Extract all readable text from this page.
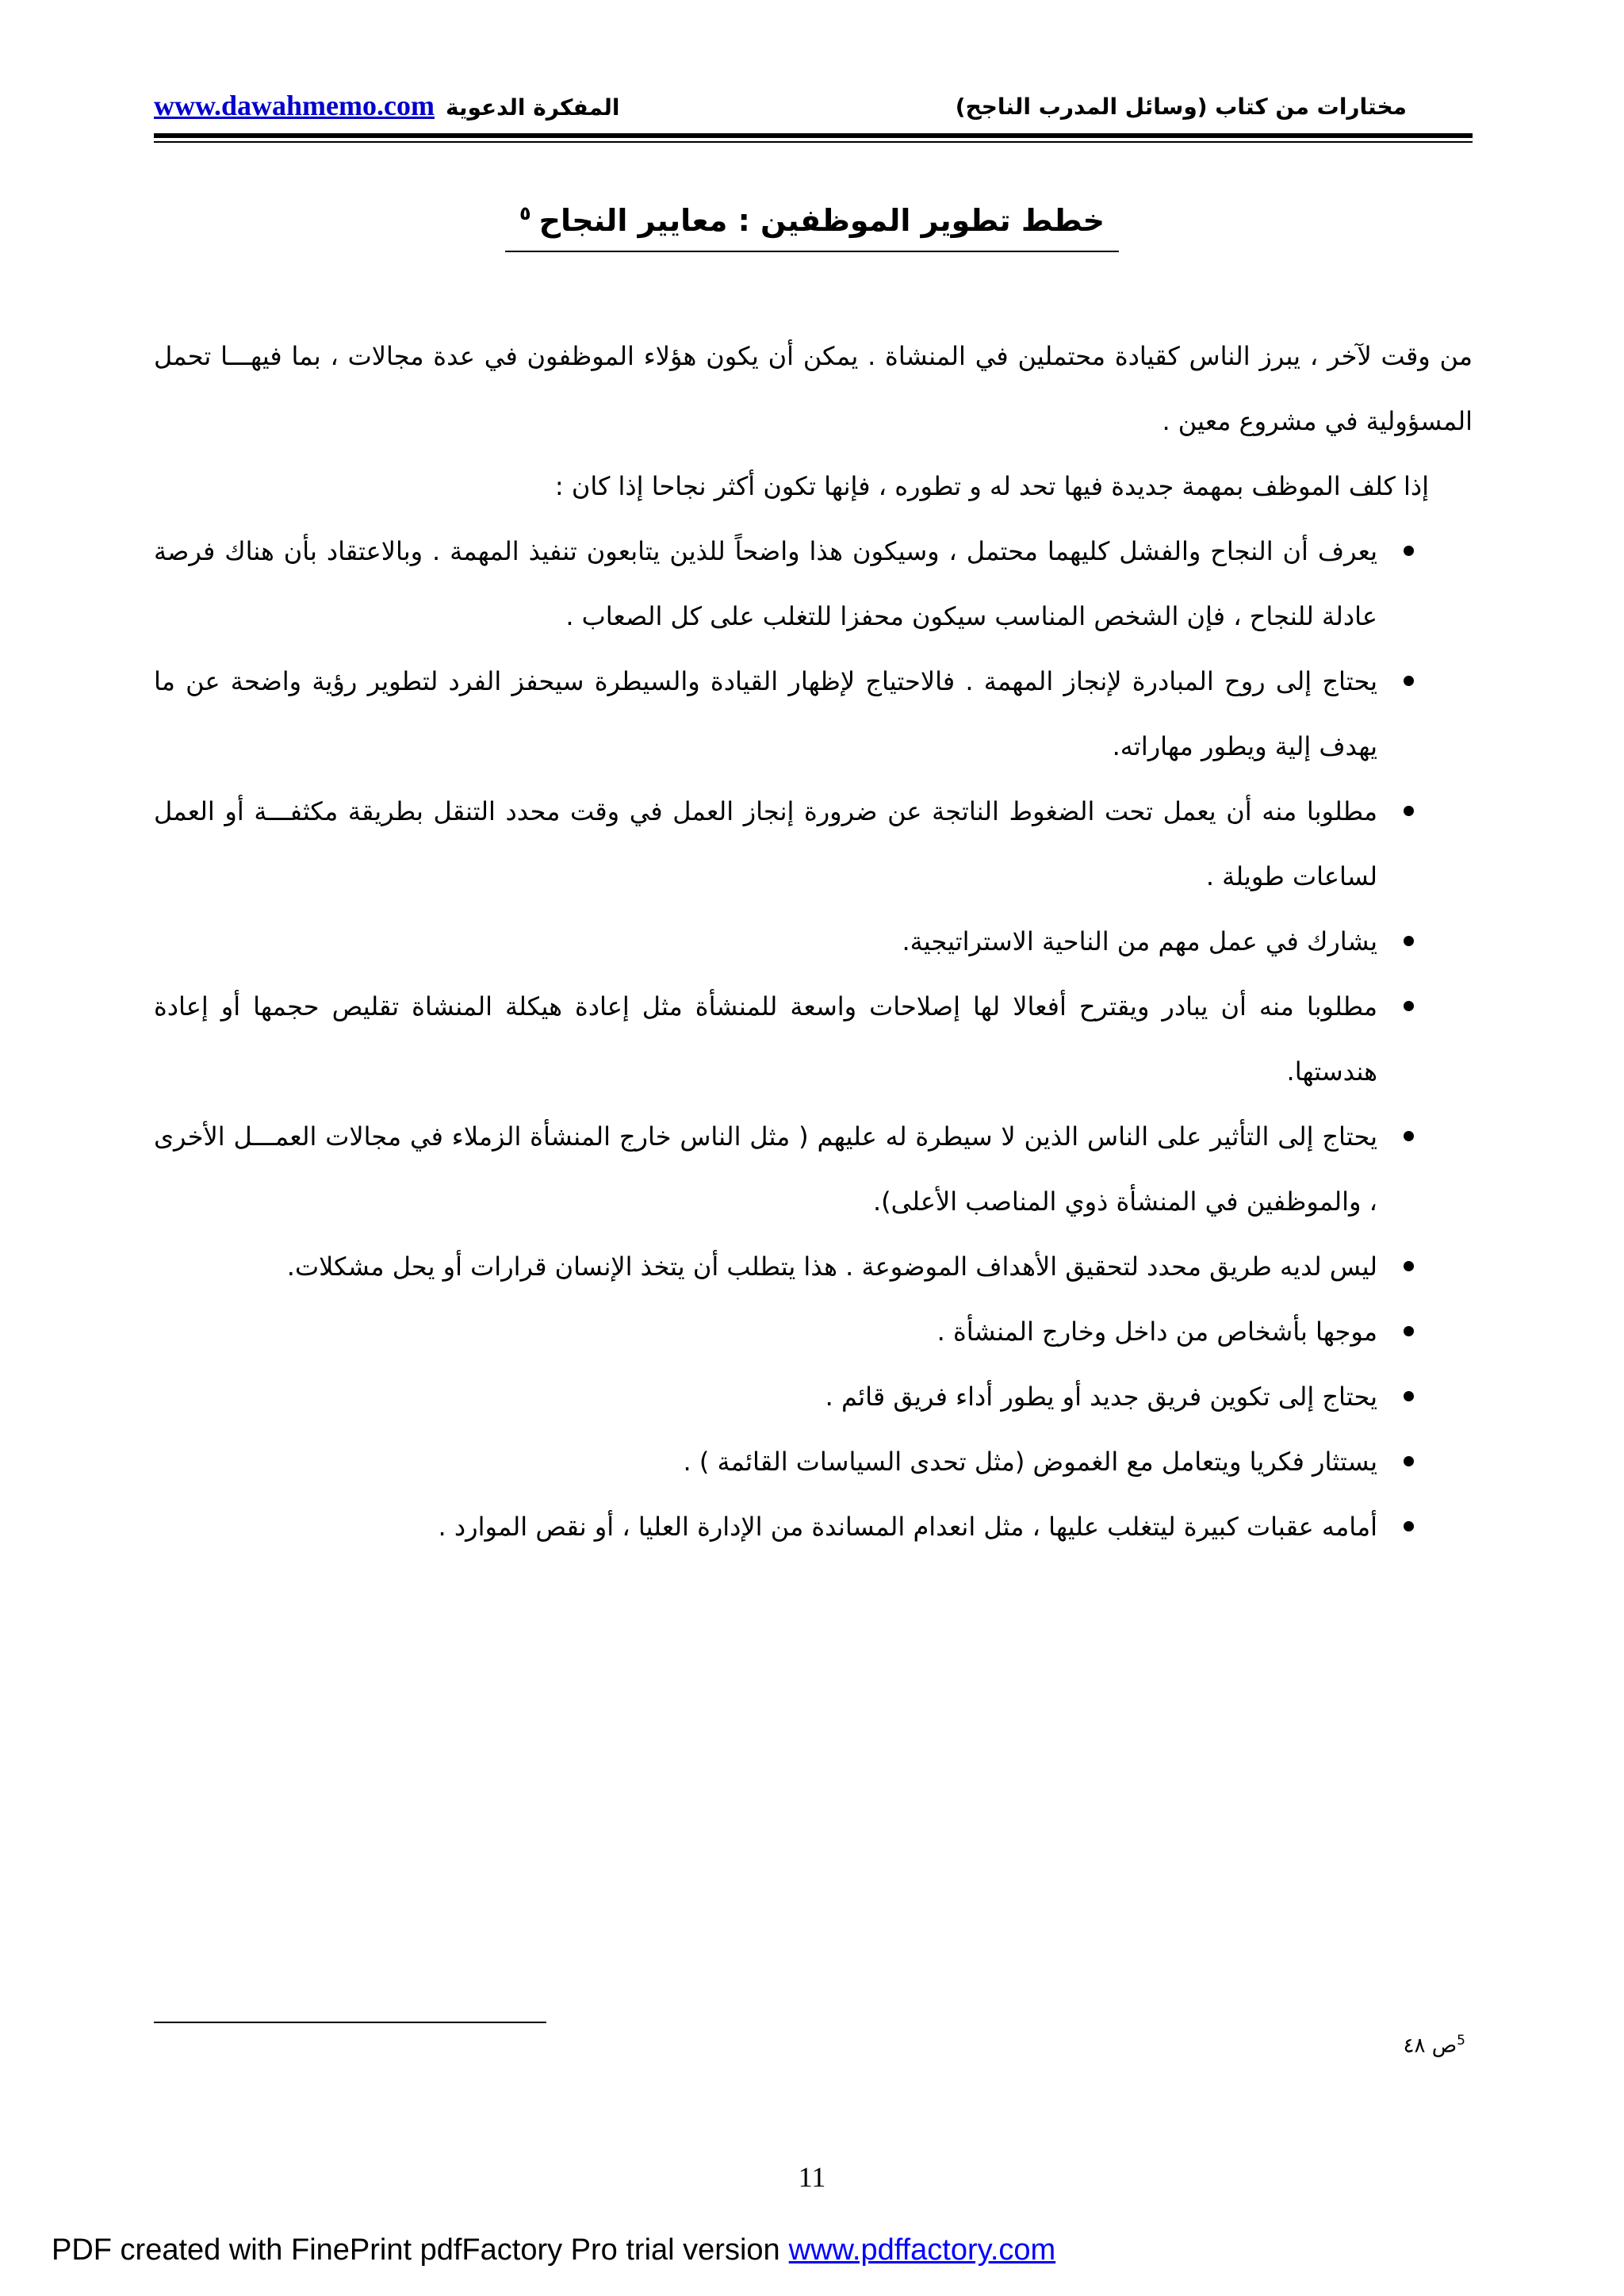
www.dawahmemo.com المفكرة الدعوية	مختارات من كتاب (وسائل المدرب الناجح)
خطط تطوير الموظفين : معايير النجاح$^٥$

من وقت لآخر ، يبرز الناس كقيادة محتملين في المنشاة . يمكن أن يكون هؤلاء الموظفون في عدة مجالات ، بما فيهـــا تحمل المسؤولية في مشروع معين .

إذا كلف الموظف بمهمة جديدة فيها تحد له و تطوره ، فإنها تكون أكثر نجاحا إذا كان :

يعرف أن النجاح والفشل كليهما محتمل ، وسيكون هذا واضحاً للذين يتابعون تنفيذ المهمة . وبالاعتقاد بأن هناك فرصة عادلة للنجاح ، فإن الشخص المناسب سيكون محفزا للتغلب على كل الصعاب .
يحتاج إلى روح المبادرة لإنجاز المهمة . فالاحتياج لإظهار القيادة والسيطرة سيحفز الفرد لتطوير رؤية واضحة عن ما يهدف إلية ويطور مهاراته.
مطلوبا منه أن يعمل تحت الضغوط الناتجة عن ضرورة إنجاز العمل في وقت محدد التنقل بطريقة مكثفـــة أو العمل لساعات طويلة .
يشارك في عمل مهم من الناحية الاستراتيجية.
مطلوبا منه أن يبادر ويقترح أفعالا لها إصلاحات واسعة للمنشأة مثل إعادة هيكلة المنشاة تقليص حجمها أو إعادة هندستها.
يحتاج إلى التأثير على الناس الذين لا سيطرة له عليهم ( مثل الناس خارج المنشأة الزملاء في مجالات العمـــل الأخرى ، والموظفين في المنشأة ذوي المناصب الأعلى).
ليس لديه طريق محدد لتحقيق الأهداف الموضوعة . هذا يتطلب أن يتخذ الإنسان قرارات أو يحل مشكلات.
موجها بأشخاص من داخل وخارج المنشأة .
يحتاج إلى تكوين فريق جديد أو يطور أداء فريق قائم .
يستثار فكريا ويتعامل مع الغموض (مثل تحدى السياسات القائمة ) .
أمامه عقبات كبيرة ليتغلب عليها ، مثل انعدام المساندة من الإدارة العليا ، أو نقص الموارد .
$^5$ص ٤٨
11
PDF created with FinePrint pdfFactory Pro trial version www.pdffactory.com
